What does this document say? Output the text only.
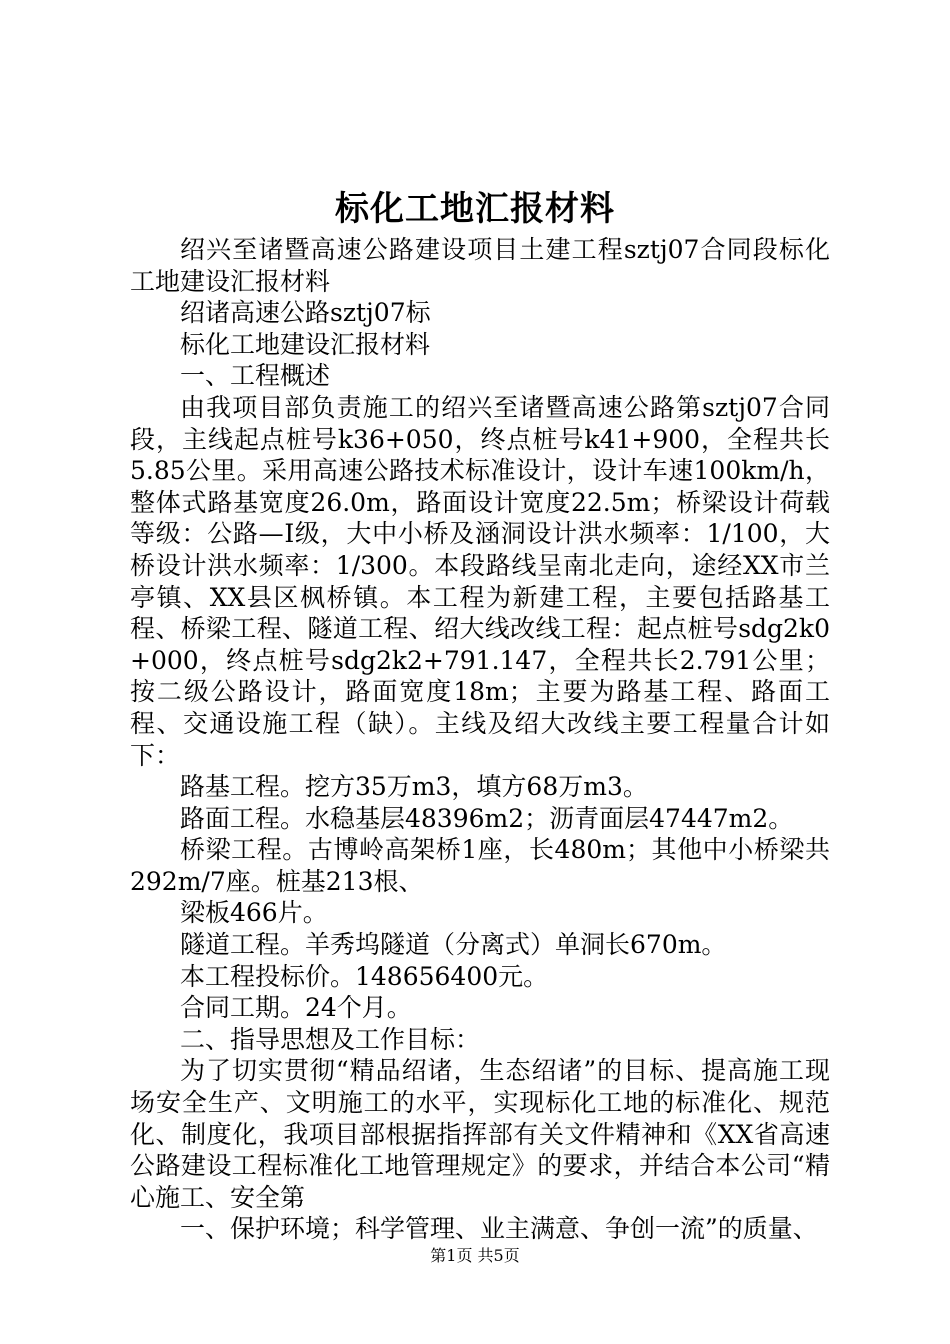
标化工地汇报材料

绍兴至诸暨高速公路建设项目土建工程sztj07合同段标化工地建设汇报材料

绍诸高速公路sztj07标

标化工地建设汇报材料

一、工程概述

由我项目部负责施工的绍兴至诸暨高速公路第sztj07合同段，主线起点桩号k36+050，终点桩号k41+900，全程共长5.85公里。采用高速公路技术标准设计，设计车速100km/h，整体式路基宽度26.0m，路面设计宽度22.5m；桥梁设计荷载等级：公路—Ⅰ级，大中小桥及涵洞设计洪水频率：1/100，大桥设计洪水频率：1/300。本段路线呈南北走向，途经XX市兰亭镇、XX县区枫桥镇。本工程为新建工程，主要包括路基工程、桥梁工程、隧道工程、绍大线改线工程：起点桩号sdg2k0+000，终点桩号sdg2k2+791.147，全程共长2.791公里；按二级公路设计，路面宽度18m；主要为路基工程、路面工程、交通设施工程（缺）。主线及绍大改线主要工程量合计如下：

路基工程。挖方35万m3，填方68万m3。

路面工程。水稳基层48396m2；沥青面层47447m2。

桥梁工程。古博岭高架桥1座，长480m；其他中小桥梁共292m/7座。桩基213根、

梁板466片。

隧道工程。羊秀坞隧道（分离式）单洞长670m。

本工程投标价。148656400元。

合同工期。24个月。

二、指导思想及工作目标：

为了切实贯彻“精品绍诸，生态绍诸”的目标、提高施工现场安全生产、文明施工的水平，实现标化工地的标准化、规范化、制度化，我项目部根据指挥部有关文件精神和《XX省高速公路建设工程标准化工地管理规定》的要求，并结合本公司“精心施工、安全第

一、保护环境；科学管理、业主满意、争创一流”的质量、

第1页 共5页
